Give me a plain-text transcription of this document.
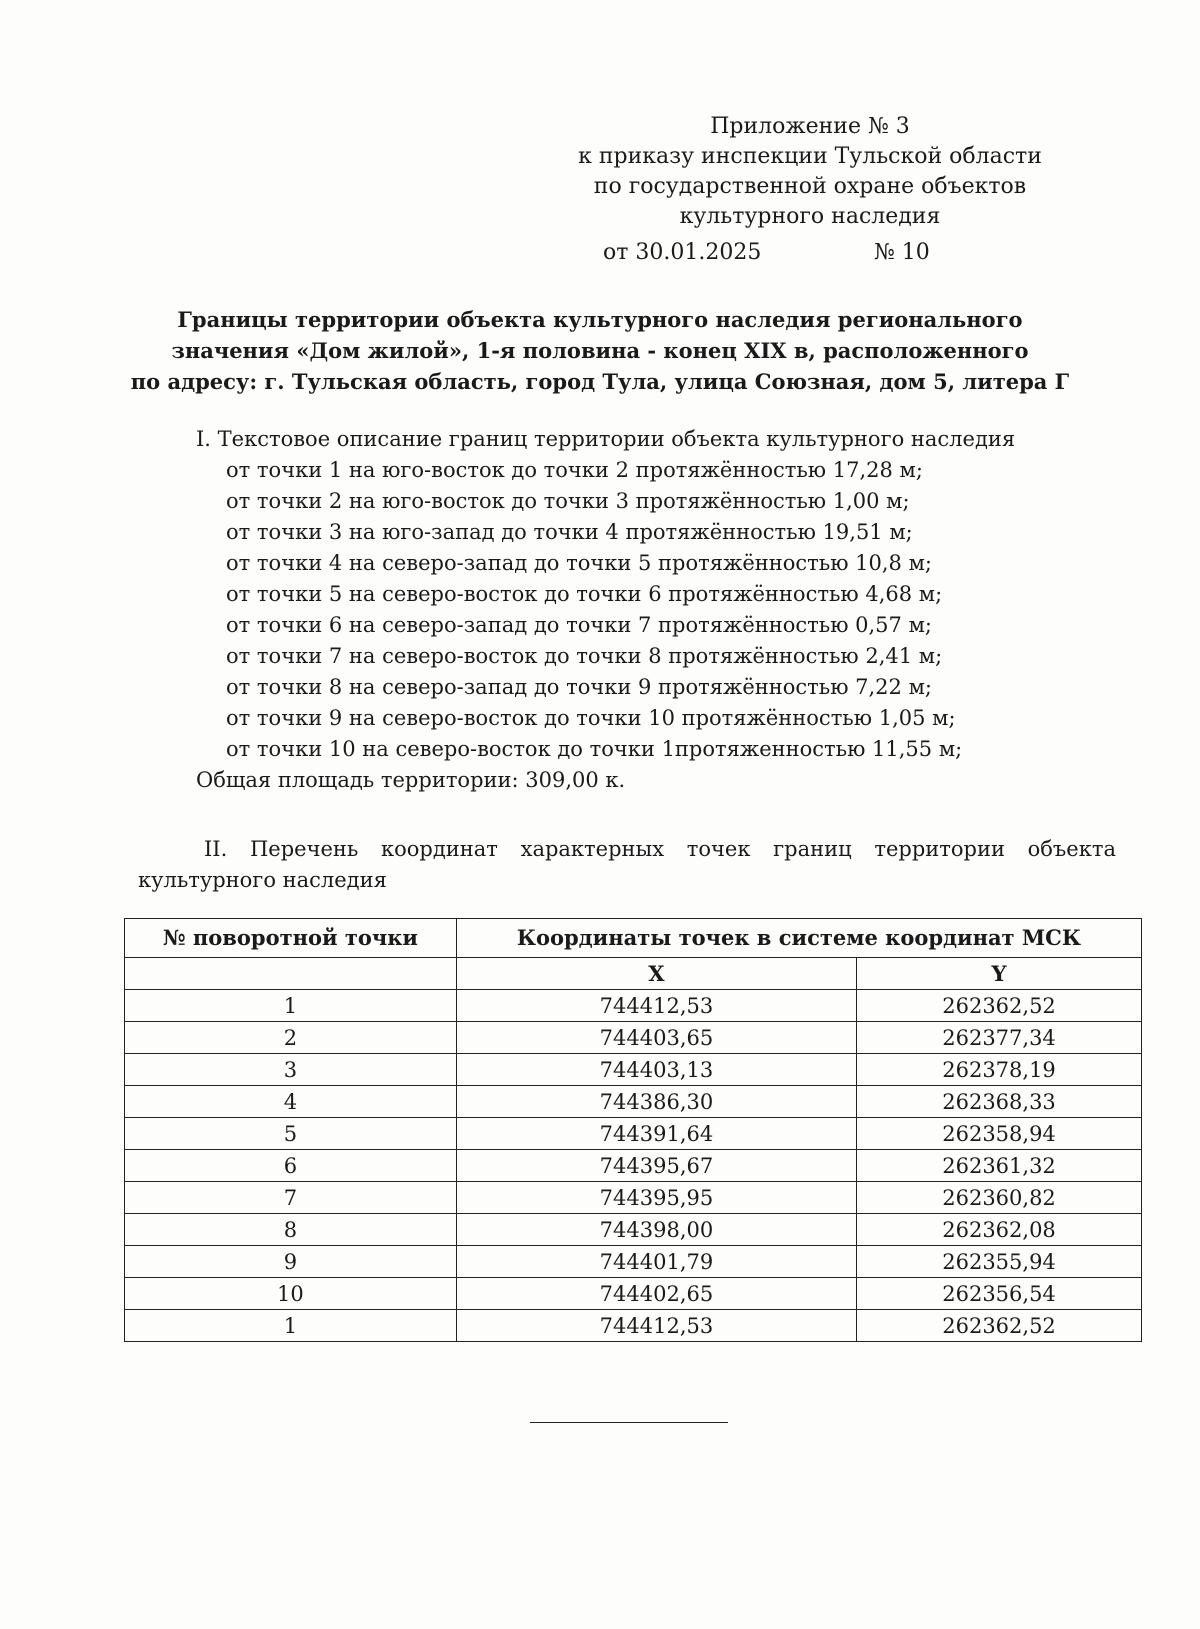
Приложение № 3
к приказу инспекции Тульской области
по государственной охране объектов
культурного наследия
от 30.01.2025	№ 10
Границы территории объекта культурного наследия регионального
значения «Дом жилой», 1-я половина - конец XIX в, расположенного
по адресу: г. Тульская область, город Тула, улица Союзная, дом 5, литера Г
I. Текстовое описание границ территории объекта культурного наследия
от точки 1 на юго-восток до точки 2 протяжённостью 17,28 м;
от точки 2 на юго-восток до точки 3 протяжённостью 1,00 м;
от точки 3 на юго-запад до точки 4 протяжённостью 19,51 м;
от точки 4 на северо-запад до точки 5 протяжённостью 10,8 м;
от точки 5 на северо-восток до точки 6 протяжённостью 4,68 м;
от точки 6 на северо-запад до точки 7 протяжённостью 0,57 м;
от точки 7 на северо-восток до точки 8 протяжённостью 2,41 м;
от точки 8 на северо-запад до точки 9 протяжённостью 7,22 м;
от точки 9 на северо-восток до точки 10 протяжённостью 1,05 м;
от точки 10 на северо-восток до точки 1протяженностью 11,55 м;
Общая площадь территории: 309,00 к.
II. Перечень координат характерных точек границ территории объекта
культурного наследия
№ поворотной точки	Координаты точек в системе координат МСК	
	X	Y
1	744412,53	262362,52
2	744403,65	262377,34
3	744403,13	262378,19
4	744386,30	262368,33
5	744391,64	262358,94
6	744395,67	262361,32
7	744395,95	262360,82
8	744398,00	262362,08
9	744401,79	262355,94
10	744402,65	262356,54
1	744412,53	262362,52
